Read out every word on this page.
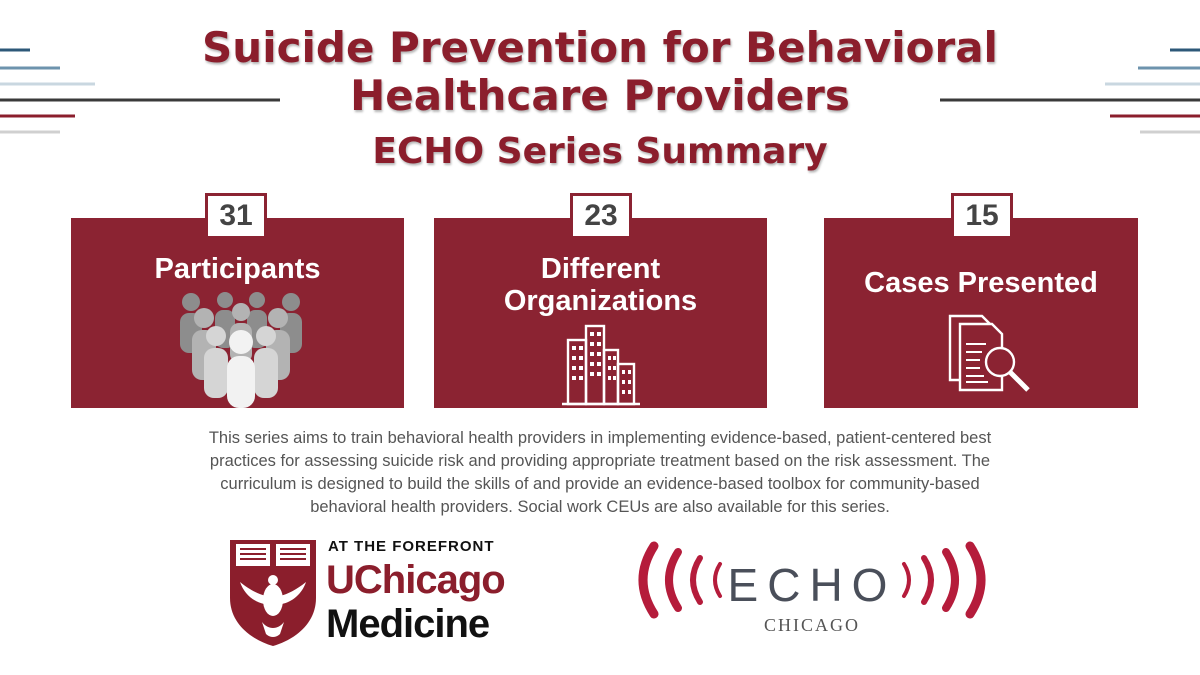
Suicide Prevention for Behavioral
Healthcare Providers
ECHO Series Summary
Participants
31
Different
Organizations
23
Cases Presented
15

This series aims to train behavioral health providers in implementing evidence-based, patient-centered best practices for assessing suicide risk and providing appropriate treatment based on the risk assessment. The curriculum is designed to build the skills of and provide an evidence-based toolbox for community-based behavioral health providers. Social work CEUs are also available for this series.

AT THE FOREFRONT
UChicago
Medicine
ECHO
CHICAGO
